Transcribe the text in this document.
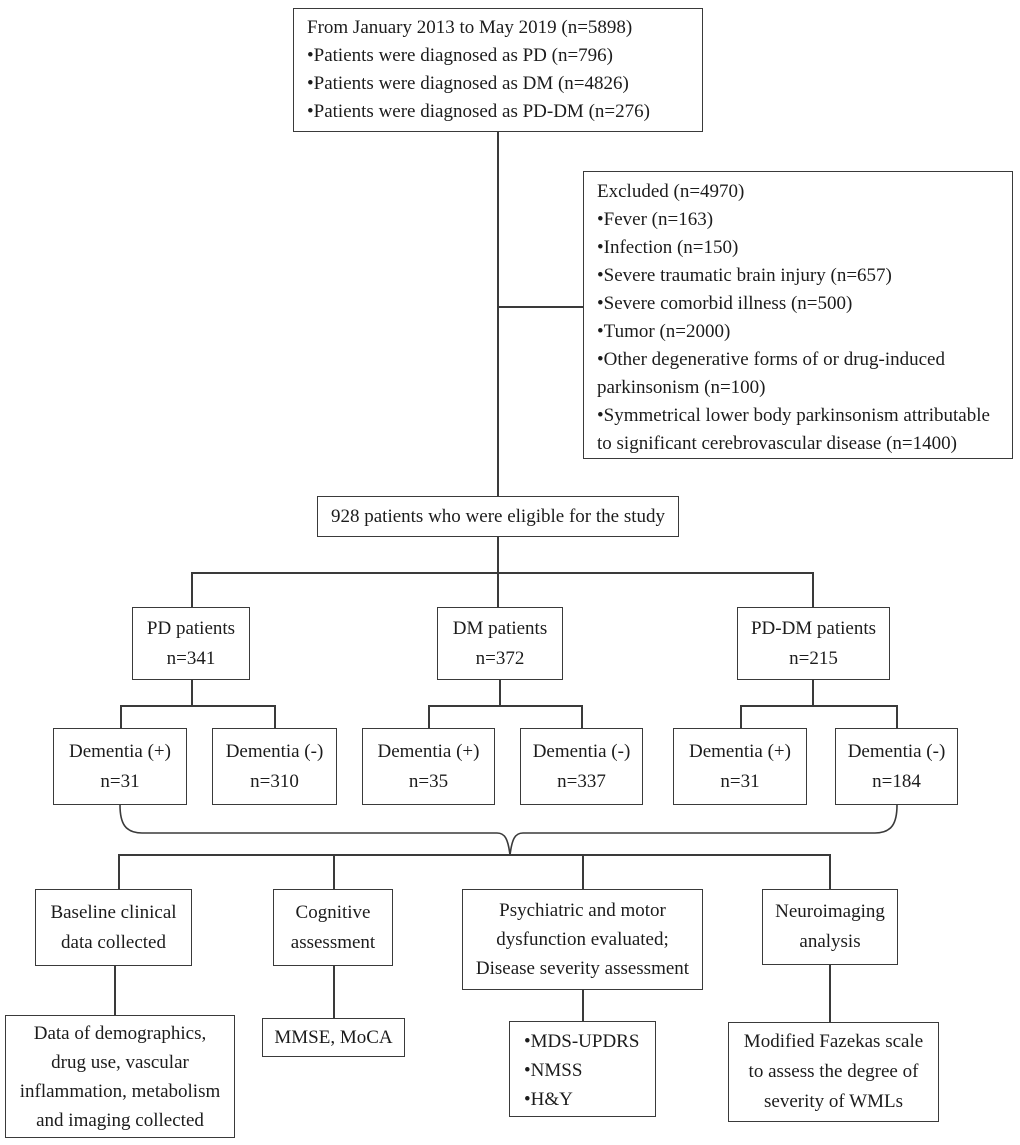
From January 2013 to May 2019 (n=5898)
•Patients were diagnosed as PD (n=796)
•Patients were diagnosed as DM (n=4826)
•Patients were diagnosed as PD-DM (n=276)
Excluded (n=4970)
•Fever (n=163)
•Infection (n=150)
•Severe traumatic brain injury (n=657)
•Severe comorbid illness (n=500)
•Tumor (n=2000)
•Other degenerative forms of or drug-induced parkinsonism (n=100)
•Symmetrical lower body parkinsonism attributable to significant cerebrovascular disease (n=1400)
928 patients who were eligible for the study
PD patients
n=341
DM patients
n=372
PD-DM patients
n=215
Dementia (+)
n=31
Dementia (-)
n=310
Dementia (+)
n=35
Dementia (-)
n=337
Dementia (+)
n=31
Dementia (-)
n=184
Baseline clinical
data collected
Cognitive
assessment
Psychiatric and motor
dysfunction evaluated;
Disease severity assessment
Neuroimaging
analysis
Data of demographics,
drug use, vascular
inflammation, metabolism
and imaging collected
MMSE, MoCA	•MDS-UPDRS
•NMSS
•H&Y
Modified Fazekas scale
to assess the degree of
severity of WMLs
